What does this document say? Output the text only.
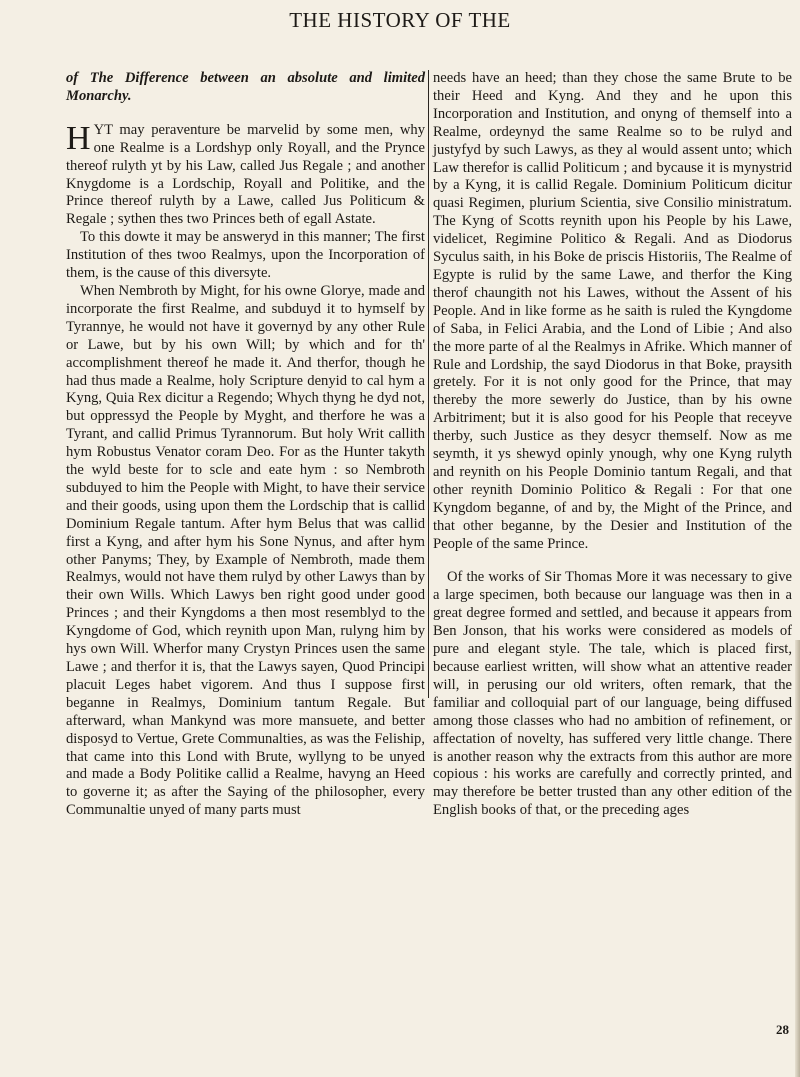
THE HISTORY OF THE

of The Difference between an absolute and limited Monarchy.

HYT may peraventure be marvelid by some men, why one Realme is a Lordshyp only Royall, and the Prynce thereof rulyth yt by his Law, called Jus Regale ; and another Knygdome is a Lordschip, Royall and Politike, and the Prince thereof rulyth by a Lawe, called Jus Politicum & Regale ; sythen thes two Princes beth of egall Astate.

To this dowte it may be answeryd in this manner; The first Institution of thes twoo Realmys, upon the Incorporation of them, is the cause of this diversyte.

When Nembroth by Might, for his owne Glorye, made and incorporate the first Realme, and subduyd it to hymself by Tyrannye, he would not have it governyd by any other Rule or Lawe, but by his own Will; by which and for th' accomplishment thereof he made it. And therfor, though he had thus made a Realme, holy Scripture denyid to cal hym a Kyng, Quia Rex dicitur a Regendo; Whych thyng he dyd not, but oppressyd the People by Myght, and therfore he was a Tyrant, and callid Primus Tyrannorum. But holy Writ callith hym Robustus Venator coram Deo. For as the Hunter takyth the wyld beste for to scle and eate hym : so Nembroth subduyed to him the People with Might, to have their service and their goods, using upon them the Lordschip that is callid Dominium Regale tantum. After hym Belus that was callid first a Kyng, and after hym his Sone Nynus, and after hym other Panyms; They, by Example of Nembroth, made them Realmys, would not have them rulyd by other Lawys than by their own Wills. Which Lawys ben right good under good Princes ; and their Kyngdoms a then most resemblyd to the Kyngdome of God, which reynith upon Man, rulyng him by hys own Will. Wherfor many Crystyn Princes usen the same Lawe ; and therfor it is, that the Lawys sayen, Quod Principi placuit Leges habet vigorem. And thus I suppose first beganne in Realmys, Dominium tantum Regale. But afterward, whan Mankynd was more mansuete, and better disposyd to Vertue, Grete Communalties, as was the Feliship, that came into this Lond with Brute, wyllyng to be unyed and made a Body Politike callid a Realme, havyng an Heed to governe it; as after the Saying of the philosopher, every Communaltie unyed of many parts must

needs have an heed; than they chose the same Brute to be their Heed and Kyng. And they and he upon this Incorporation and Institution, and onyng of themself into a Realme, ordeynyd the same Realme so to be rulyd and justyfyd by such Lawys, as they al would assent unto; which Law therefor is callid Politicum ; and bycause it is mynystrid by a Kyng, it is callid Regale. Dominium Politicum dicitur quasi Regimen, plurium Scientia, sive Consilio ministratum. The Kyng of Scotts reynith upon his People by his Lawe, videlicet, Regimine Politico & Regali. And as Diodorus Syculus saith, in his Boke de priscis Historiis, The Realme of Egypte is rulid by the same Lawe, and therfor the King therof chaungith not his Lawes, without the Assent of his People. And in like forme as he saith is ruled the Kyngdome of Saba, in Felici Arabia, and the Lond of Libie ; And also the more parte of al the Realmys in Afrike. Which manner of Rule and Lordship, the sayd Diodorus in that Boke, praysith gretely. For it is not only good for the Prince, that may thereby the more sewerly do Justice, than by his owne Arbitriment; but it is also good for his People that receyve therby, such Justice as they desycr themself. Now as me seymth, it ys shewyd opinly ynough, why one Kyng rulyth and reynith on his People Dominio tantum Regali, and that other reynith Dominio Politico & Regali : For that one Kyngdom beganne, of and by, the Might of the Prince, and that other beganne, by the Desier and Institution of the People of the same Prince.

Of the works of Sir Thomas More it was necessary to give a large specimen, both because our language was then in a great degree formed and settled, and because it appears from Ben Jonson, that his works were considered as models of pure and elegant style. The tale, which is placed first, because earliest written, will show what an attentive reader will, in perusing our old writers, often remark, that the familiar and colloquial part of our language, being diffused among those classes who had no ambition of refinement, or affectation of novelty, has suffered very little change. There is another reason why the extracts from this author are more copious : his works are carefully and correctly printed, and may therefore be better trusted than any other edition of the English books of that, or the preceding ages

28
